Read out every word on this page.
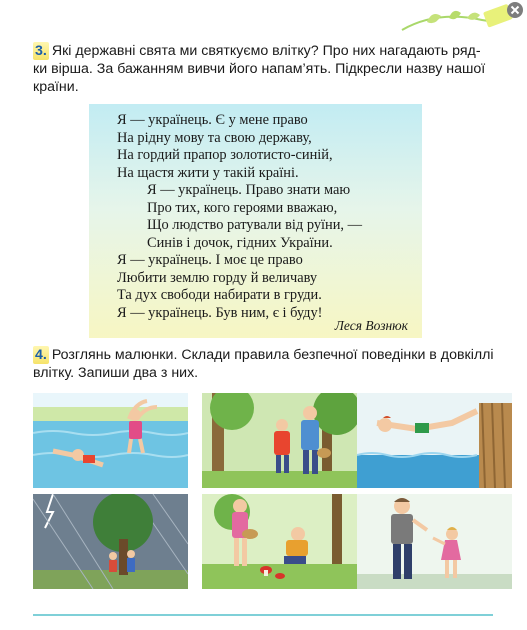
3. Які державні свята ми святкуємо влітку? Про них нагадають ряд-
ки вірша. За бажанням вивчи його напам’ять. Підкресли назву нашої
країни.
Я — українець. Є у мене право
На рідну мову та свою державу,
На гордий прапор золотисто-синій,
На щастя жити у такій країні.
Я — українець. Право знати маю
Про тих, кого героями вважаю,
Що людство ратували від руїни, —
Синів і дочок, гідних України.
Я — українець. І моє це право
Любити землю горду й величаву
Та дух свободи набирати в груди.
Я — українець. Був ним, є і буду!
Леся Вознюк
4. Розглянь малюнки. Склади правила безпечної поведінки в довкіллі
влітку. Запиши два з них.
